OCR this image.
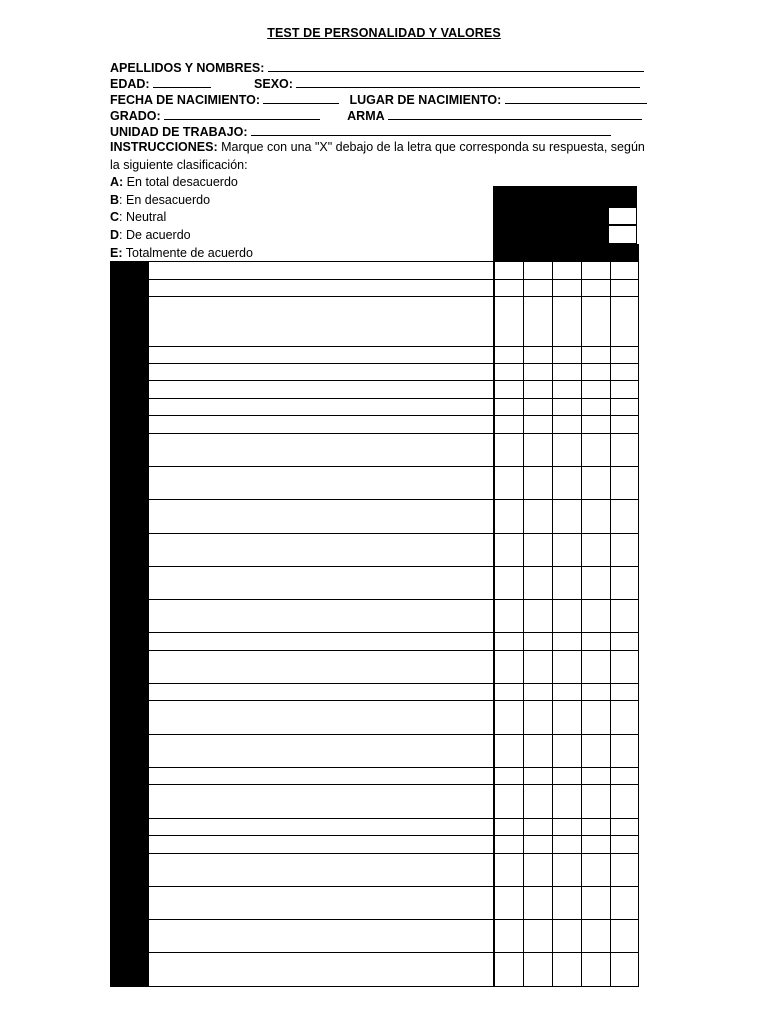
TEST DE PERSONALIDAD Y VALORES
APELLIDOS Y NOMBRES:
EDAD:	SEXO:
FECHA DE NACIMIENTO:	LUGAR DE NACIMIENTO:
GRADO:	ARMA
UNIDAD DE TRABAJO:
INSTRUCCIONES: Marque con una "X" debajo de la letra que corresponda su respuesta, según
la siguiente clasificación:
A: En total desacuerdo
B: En desacuerdo
C: Neutral
D: De acuerdo
E: Totalmente de acuerdo
